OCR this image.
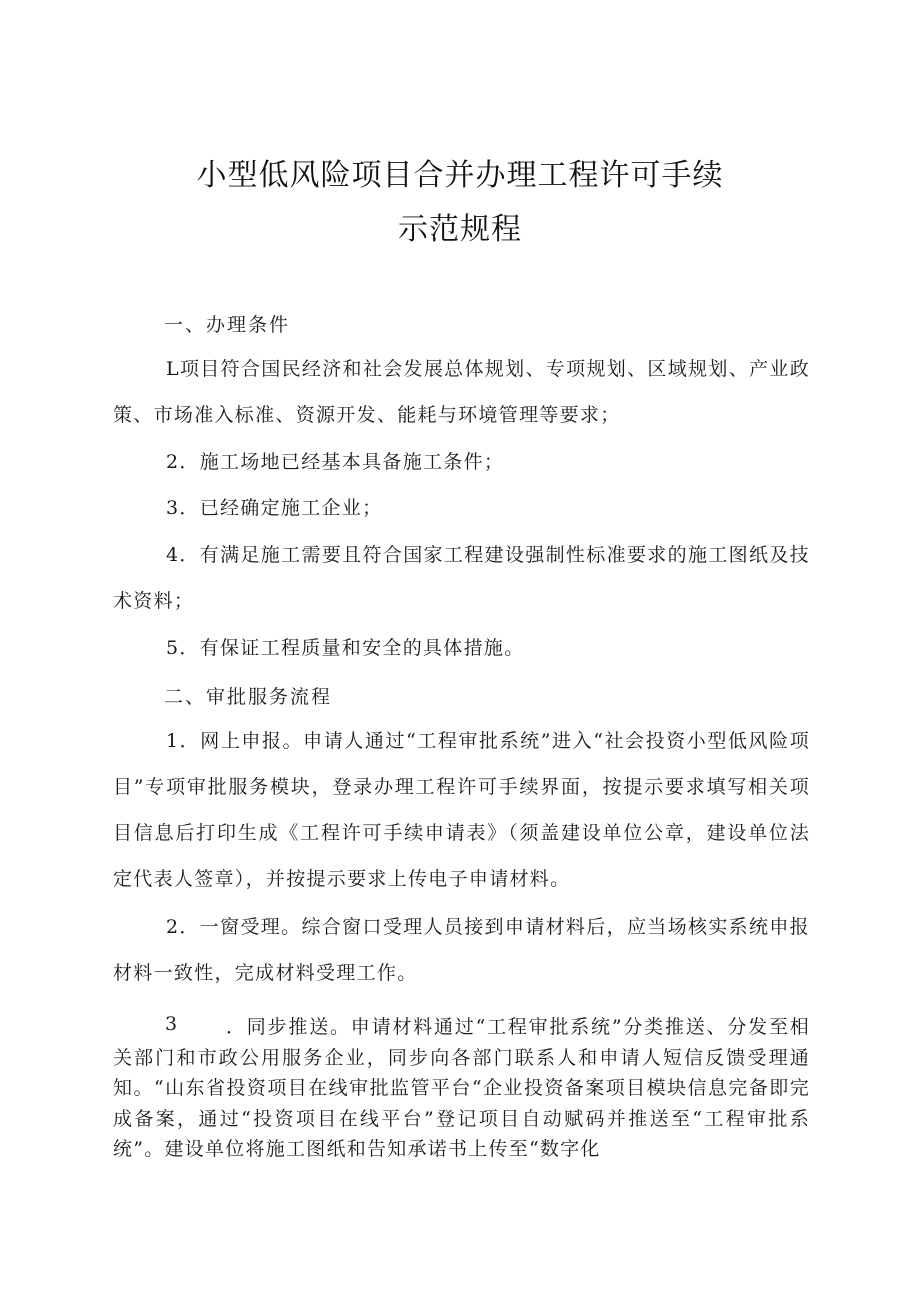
小型低风险项目合并办理工程许可手续
示范规程
一、办理条件
L项目符合国民经济和社会发展总体规划、专项规划、区域规划、产业政策、市场准入标准、资源开发、能耗与环境管理等要求；
2．施工场地已经基本具备施工条件；
3．已经确定施工企业；
4．有满足施工需要且符合国家工程建设强制性标准要求的施工图纸及技术资料；
5．有保证工程质量和安全的具体措施。
二、审批服务流程
1．网上申报。申请人通过“工程审批系统”进入“社会投资小型低风险项目”专项审批服务模块，登录办理工程许可手续界面，按提示要求填写相关项目信息后打印生成《工程许可手续申请表》（须盖建设单位公章，建设单位法定代表人签章），并按提示要求上传电子申请材料。
2．一窗受理。综合窗口受理人员接到申请材料后，应当场核实系统申报材料一致性，完成材料受理工作。
3	．同步推送。申请材料通过“工程审批系统”分类推送、分发至相关部门和市政公用服务企业，同步向各部门联系人和申请人短信反馈受理通知。“山东省投资项目在线审批监管平台“企业投资备案项目模块信息完备即完成备案，通过“投资项目在线平台”登记项目自动赋码并推送至“工程审批系统”。建设单位将施工图纸和告知承诺书上传至“数字化
